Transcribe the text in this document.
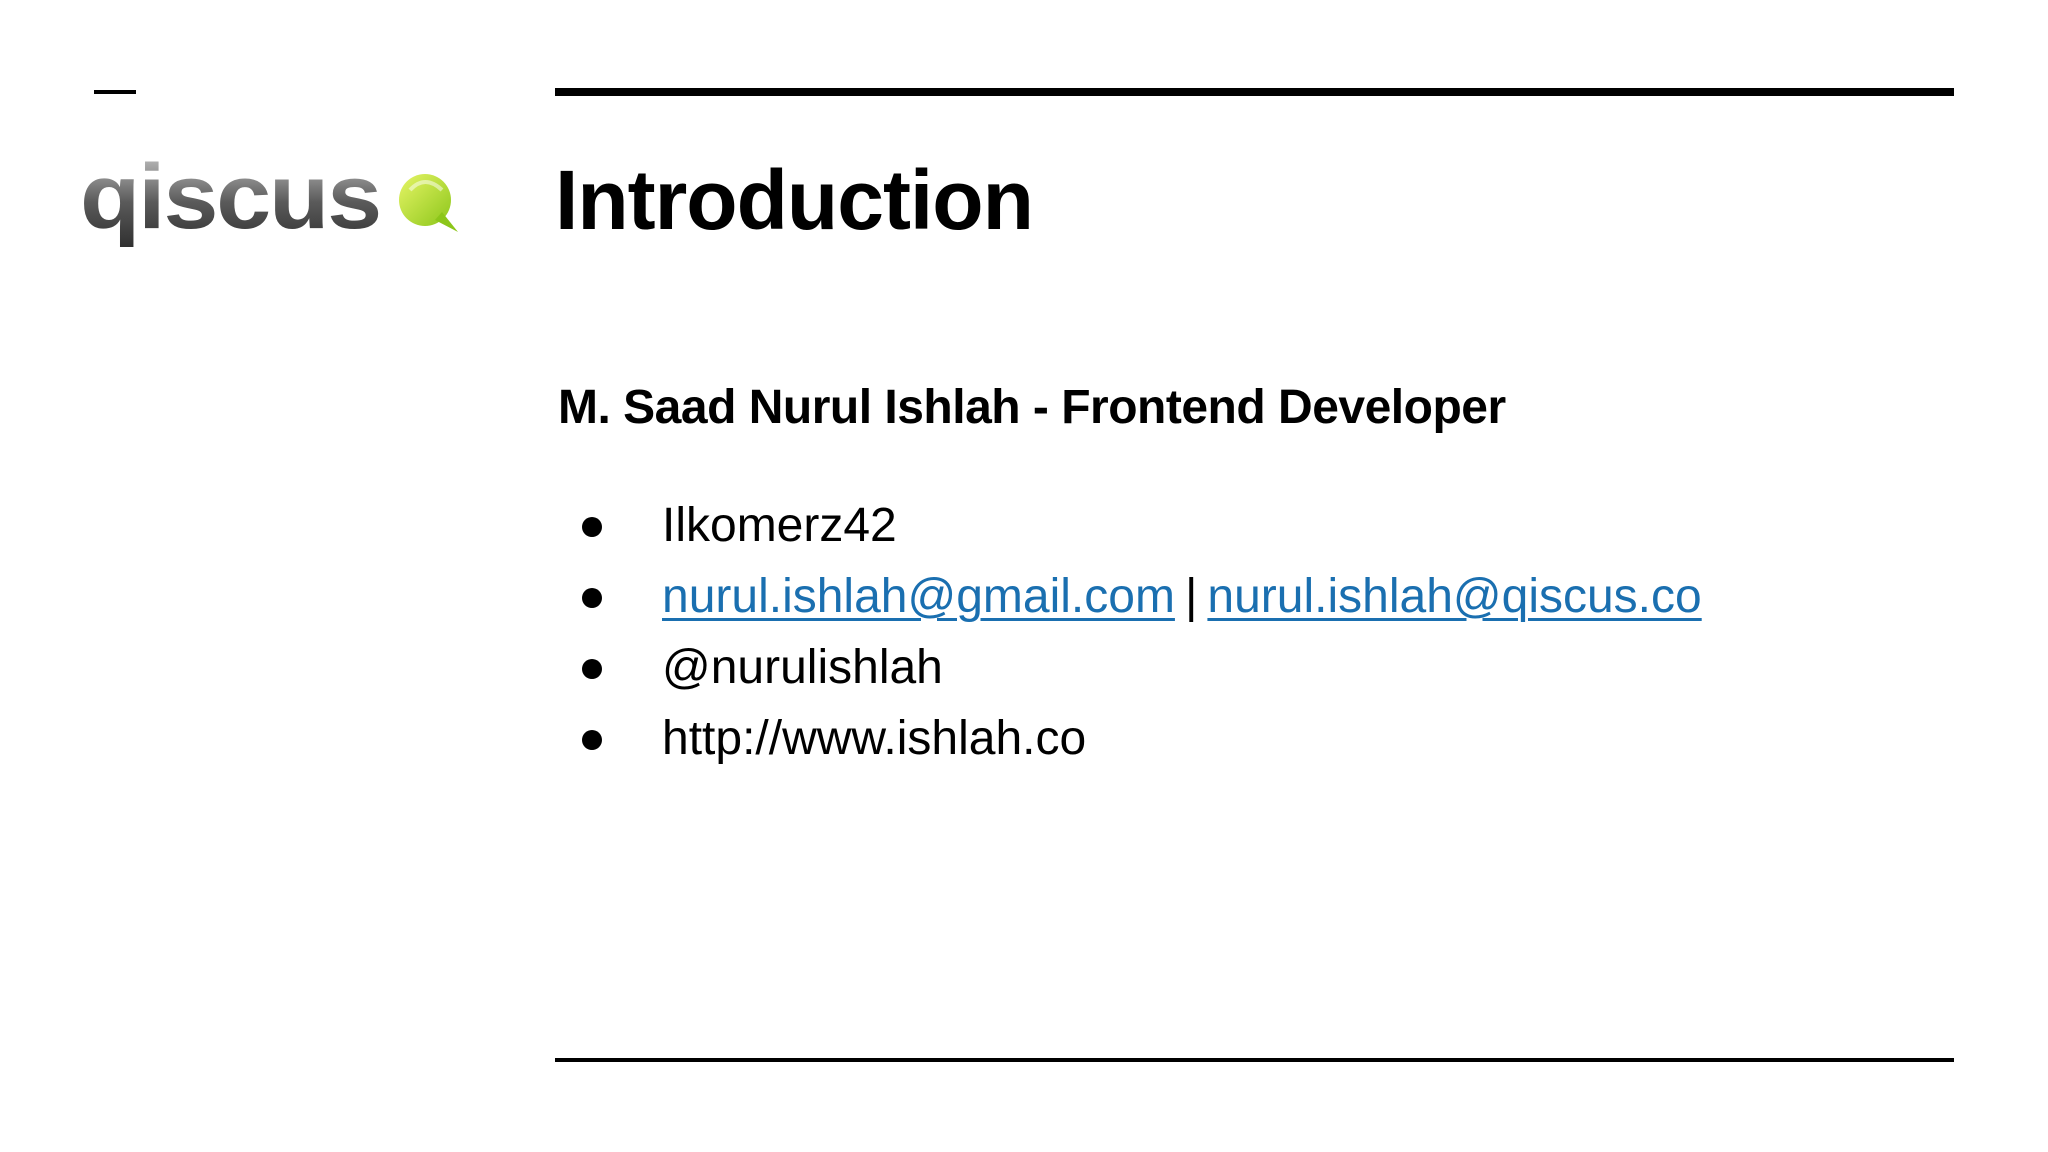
qiscus Introduction
M. Saad Nurul Ishlah - Frontend Developer
Ilkomerz42
nurul.ishlah@gmail.com | nurul.ishlah@qiscus.co
@nurulishlah
http://www.ishlah.co
